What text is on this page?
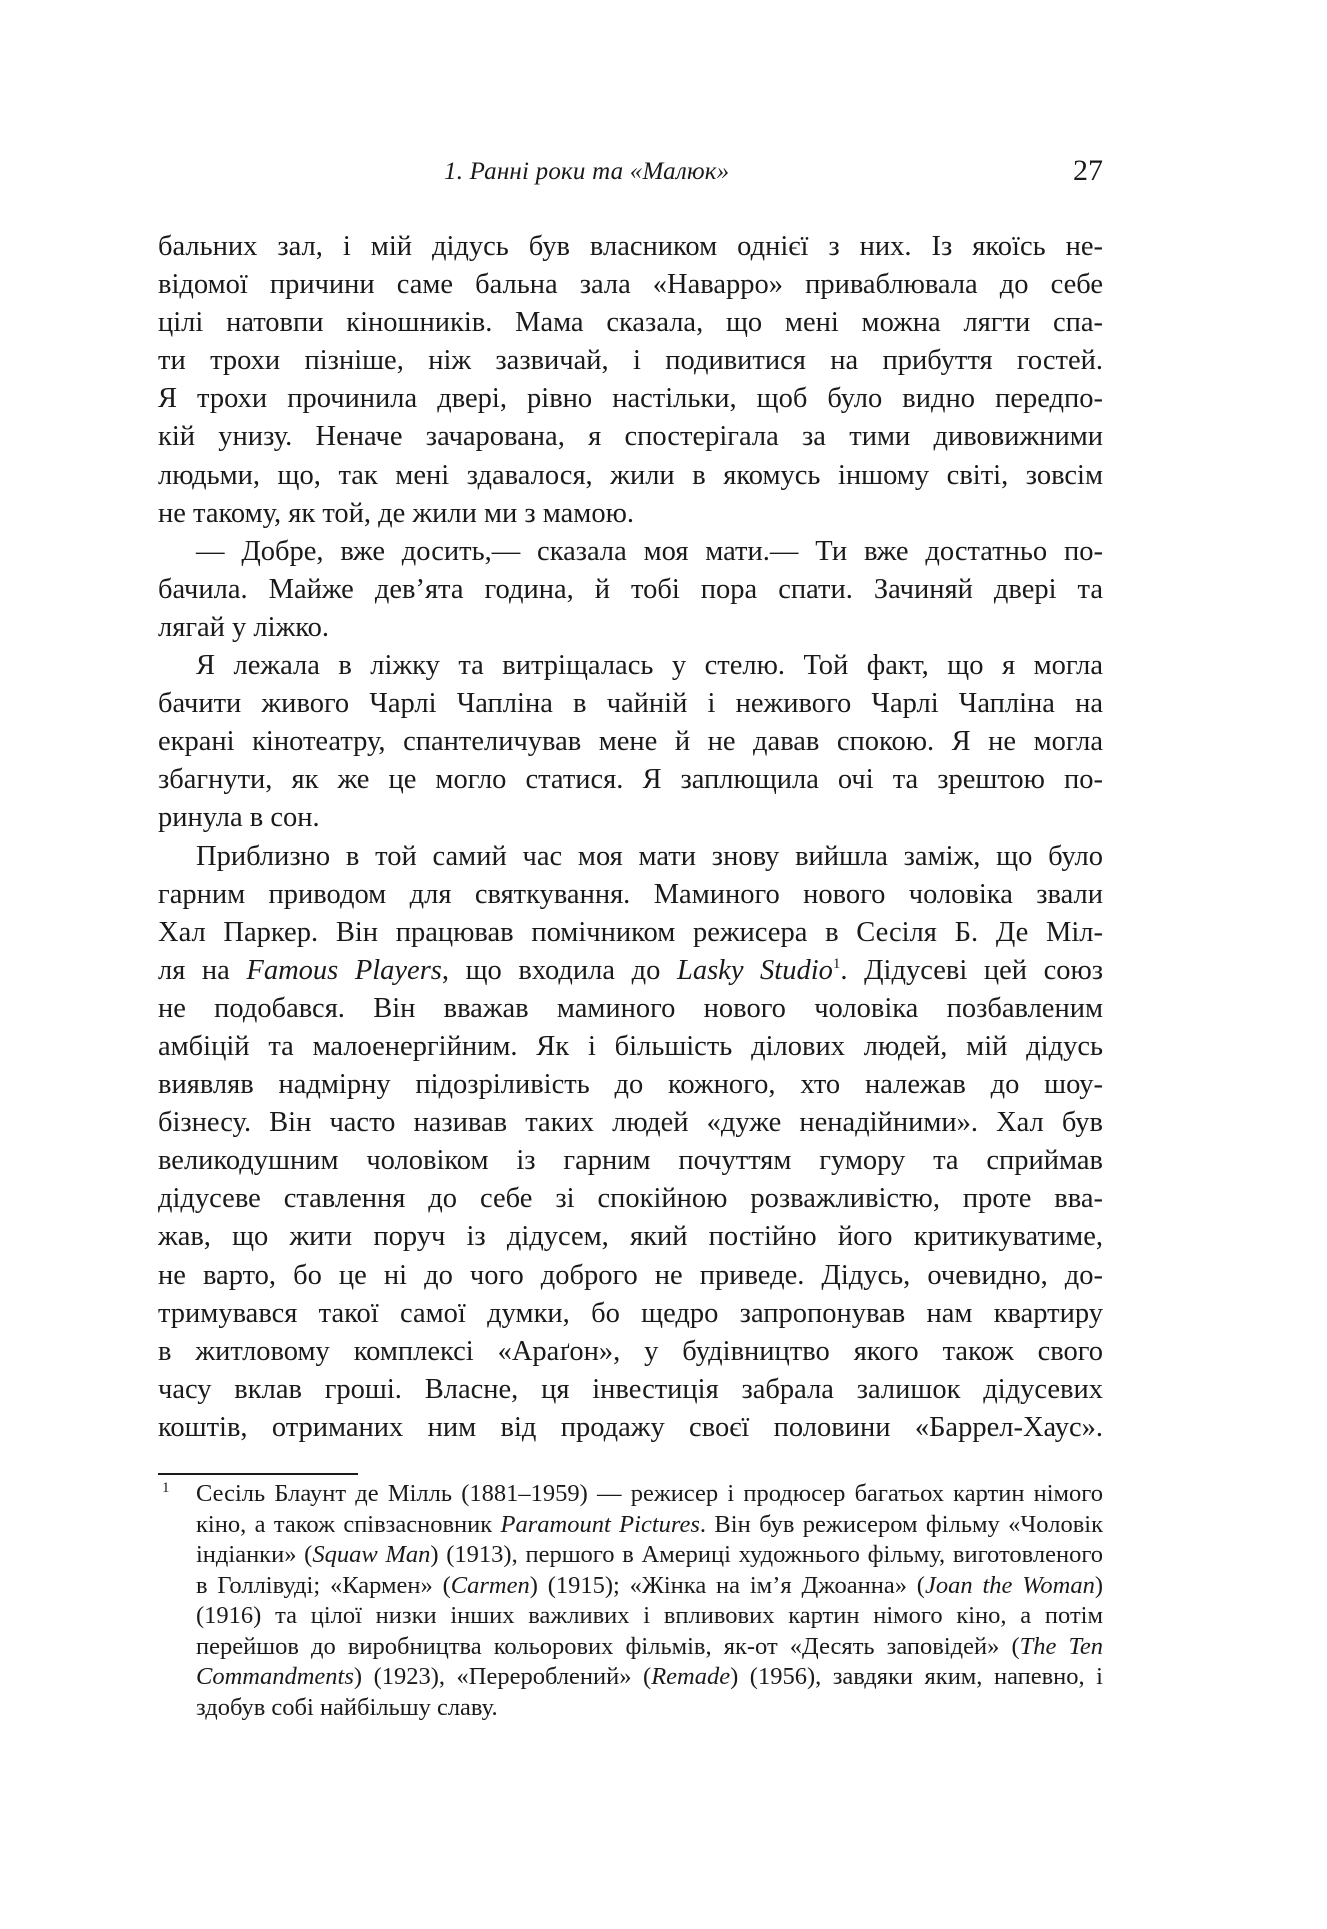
1. Ранні роки та «Малюк»	27

бальних зал, і мій дідусь був власником однієї з них. Із якоїсь не-
відомої причини саме бальна зала «Наварро» приваблювала до себе
цілі натовпи кіношників. Мама сказала, що мені можна лягти спа-
ти трохи пізніше, ніж зазвичай, і подивитися на прибуття гостей.
Я трохи прочинила двері, рівно настільки, щоб було видно передпо-
кій унизу. Неначе зачарована, я спостерігала за тими дивовижними
людьми, що, так мені здавалося, жили в якомусь іншому світі, зовсім
не такому, як той, де жили ми з мамою.

— Добре, вже досить,— сказала моя мати.— Ти вже достатньо по-
бачила. Майже дев’ята година, й тобі пора спати. Зачиняй двері та
лягай у ліжко.

Я лежала в ліжку та витріщалась у стелю. Той факт, що я могла
бачити живого Чарлі Чапліна в чайній і неживого Чарлі Чапліна на
екрані кінотеатру, спантеличував мене й не давав спокою. Я не могла
збагнути, як же це могло статися. Я заплющила очі та зрештою по-
ринула в сон.

Приблизно в той самий час моя мати знову вийшла заміж, що було
гарним приводом для святкування. Маминого нового чоловіка звали
Хал Паркер. Він працював помічником режисера в Сесіля Б. Де Міл-
ля на Famous Players, що входила до Lasky Studio$^1$. Дідусеві цей союз
не подобався. Він вважав маминого нового чоловіка позбавленим
амбіцій та малоенергійним. Як і більшість ділових людей, мій дідусь
виявляв надмірну підозріливість до кожного, хто належав до шоу-
бізнесу. Він часто називав таких людей «дуже ненадійними». Хал був
великодушним чоловіком із гарним почуттям гумору та сприймав
дідусеве ставлення до себе зі спокійною розважливістю, проте вва-
жав, що жити поруч із дідусем, який постійно його критикуватиме,
не варто, бо це ні до чого доброго не приведе. Дідусь, очевидно, до-
тримувався такої самої думки, бо щедро запропонував нам квартиру
в житловому комплексі «Араґон», у будівництво якого також свого
часу вклав гроші. Власне, ця інвестиція забрала залишок дідусевих
коштів, отриманих ним від продажу своєї половини «Баррел-Хаус».

1 Сесіль Блаунт де Мілль (1881–1959) — режисер і продюсер багатьох картин німого кіно, а також співзасновник Paramount Pictures. Він був режисером фільму «Чоловік індіанки» (Squaw Man) (1913), першого в Америці художнього фільму, виготовленого в Голлівуді; «Кармен» (Carmen) (1915); «Жінка на ім’я Джоанна» (Joan the Woman) (1916) та цілої низки інших важливих і впливових картин німого кіно, а потім перейшов до виробництва кольорових фільмів, як-от «Десять заповідей» (The Ten Commandments) (1923), «Перероблений» (Remade) (1956), завдяки яким, напевно, і здобув собі найбільшу славу.
